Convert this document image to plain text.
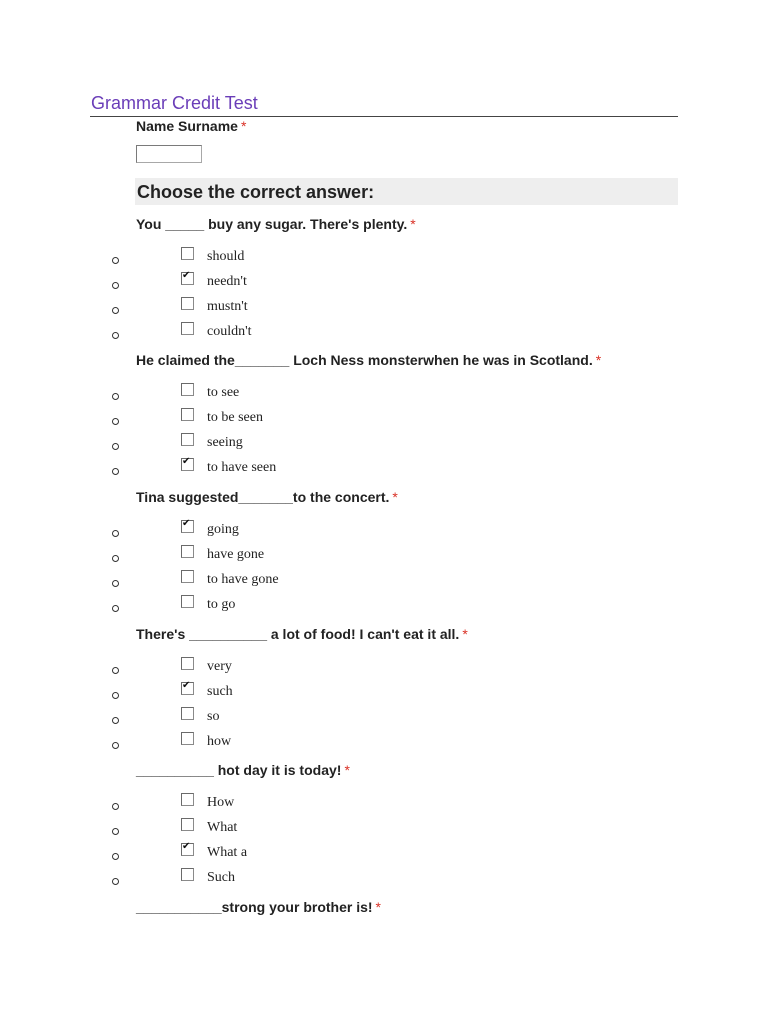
Grammar Credit Test
Name Surname *
Choose the correct answer:
You _____ buy any sugar. There's plenty. *
should
✔ needn't
mustn't
couldn't
He claimed the_______ Loch Ness monsterwhen he was in Scotland. *
to see
to be seen
seeing
✔ to have seen
Tina suggested_______to the concert. *
✔ going
have gone
to have gone
to go
There's __________ a lot of food! I can't eat it all. *
very
✔ such
so
how
__________ hot day it is today! *
How
What
✔ What a
Such
___________strong your brother is! *
